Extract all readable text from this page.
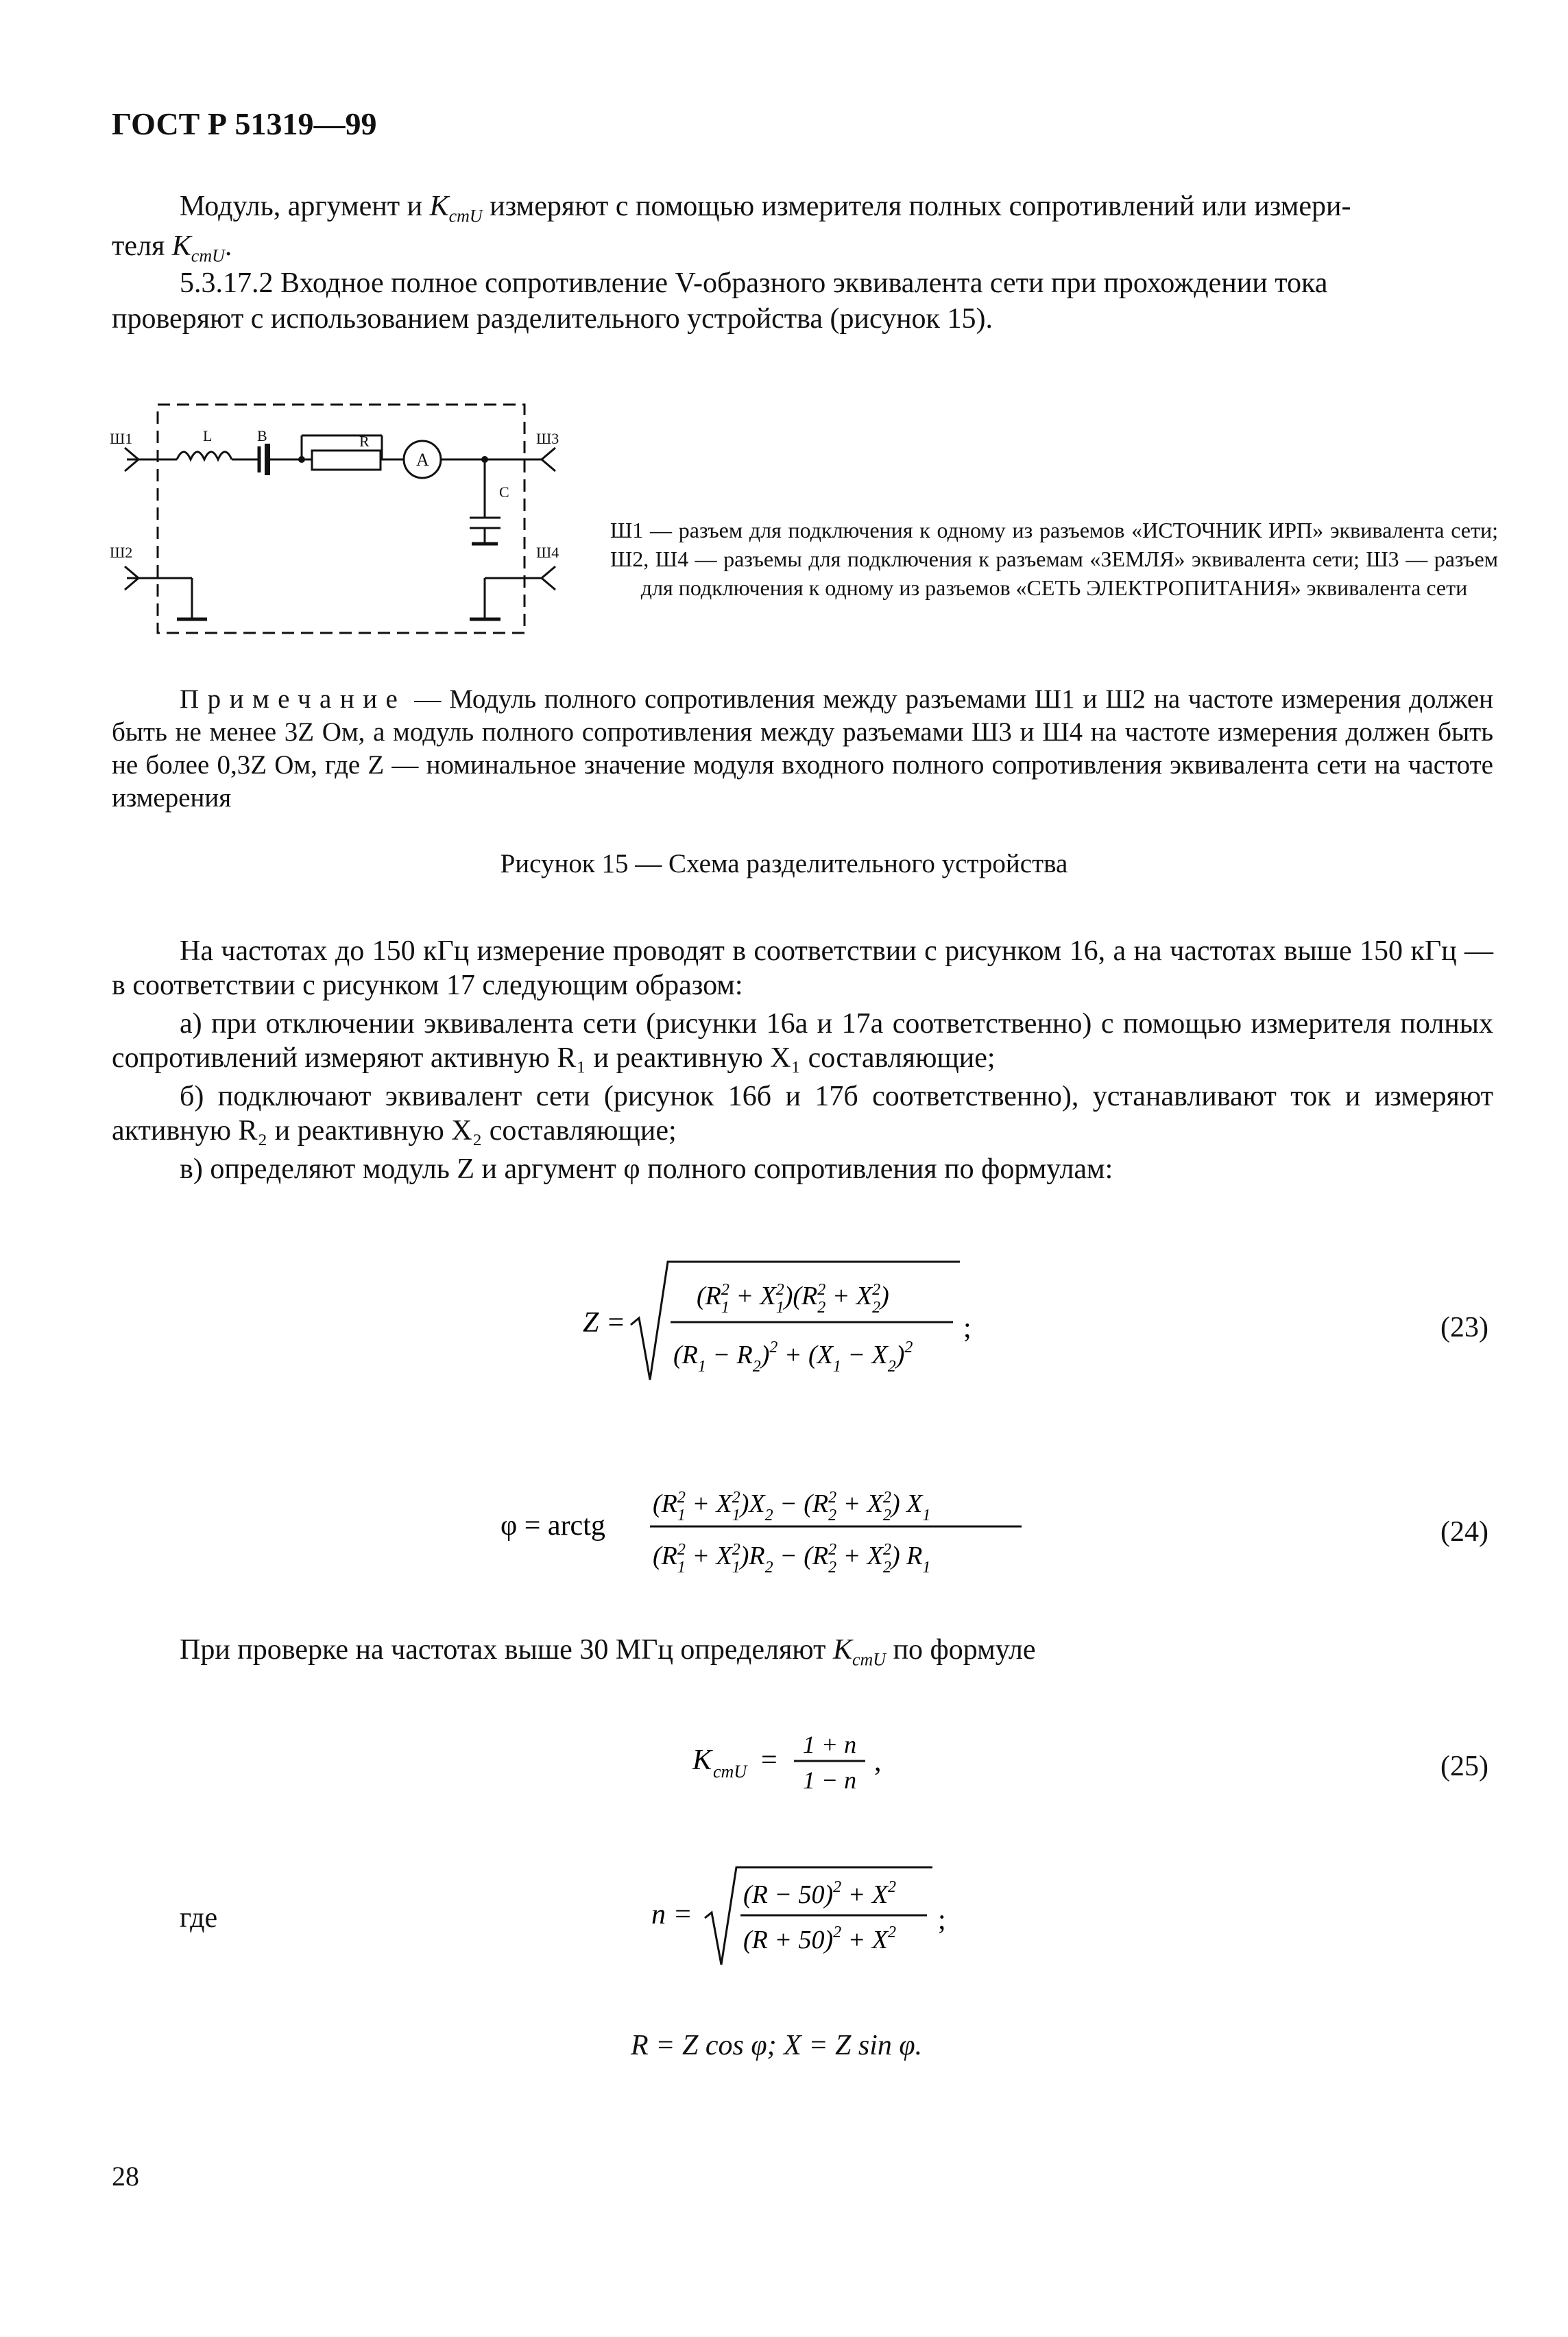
ГОСТ Р 51319—99
Модуль, аргумент и $K_{стU}$ измеряют с помощью измерителя полных сопротивлений или измери-
теля $K_{стU}$.
5.3.17.2 Входное полное сопротивление V-образного эквивалента сети при прохождении тока
проверяют с использованием разделительного устройства (рисунок 15).
Ш1
Ш2
Ш3
Ш4
L	B	R
A
C
Ш1 — разъем для подключения к одному из разъемов «ИСТОЧНИК ИРП» эквивалента сети; Ш2, Ш4 — разъемы для подключения к разъемам «ЗЕМЛЯ» эквивалента сети; Ш3 — разъем для подключения к одному из разъемов «СЕТЬ ЭЛЕКТРОПИТАНИЯ» эквивалента сети
Примечание — Модуль полного сопротивления между разъемами Ш1 и Ш2 на частоте измерения должен быть не менее 3Z Ом, а модуль полного сопротивления между разъемами Ш3 и Ш4 на частоте измерения должен быть не более 0,3Z Ом, где Z — номинальное значение модуля входного полного сопротивления эквивалента сети на частоте измерения
Рисунок 15 — Схема разделительного устройства
На частотах до 150 кГц измерение проводят в соответствии с рисунком 16, а на частотах выше 150 кГц — в соответствии с рисунком 17 следующим образом:
а) при отключении эквивалента сети (рисунки 16а и 17а соответственно) с помощью измерителя полных сопротивлений измеряют активную R₁ и реактивную X₁ составляющие;
б) подключают эквивалент сети (рисунок 16б и 17б соответственно), устанавливают ток и измеряют активную R₂ и реактивную X₂ составляющие;
в) определяют модуль Z и аргумент φ полного сопротивления по формулам:
Z =
($R^2$ $1 + X^2$ $1)(R^2$ $2 + X^2$ 2)
$(R_1 - R_2)^2 + (X_1 - X_2)^2$
;	(23)
φ = arctg
($R^2$ $1 + X^2$ $1)X_2 - (R^2$ $2 + X^2$ 2) $X_1$
($R^2$ $1 + X^2$ $1)R_2 - (R^2$ $2 + X^2$ 2) $R_1$
(24)
При проверке на частотах выше 30 МГц определяют $K_{стU}$ по формуле
K стU = 1 + n
1 − n
,	(25)
где	n =
$(R - 50)^2 + X^2$
$(R + 50)^2 + X^2$ ;
R = Z cos φ; X = Z sin φ.
28
